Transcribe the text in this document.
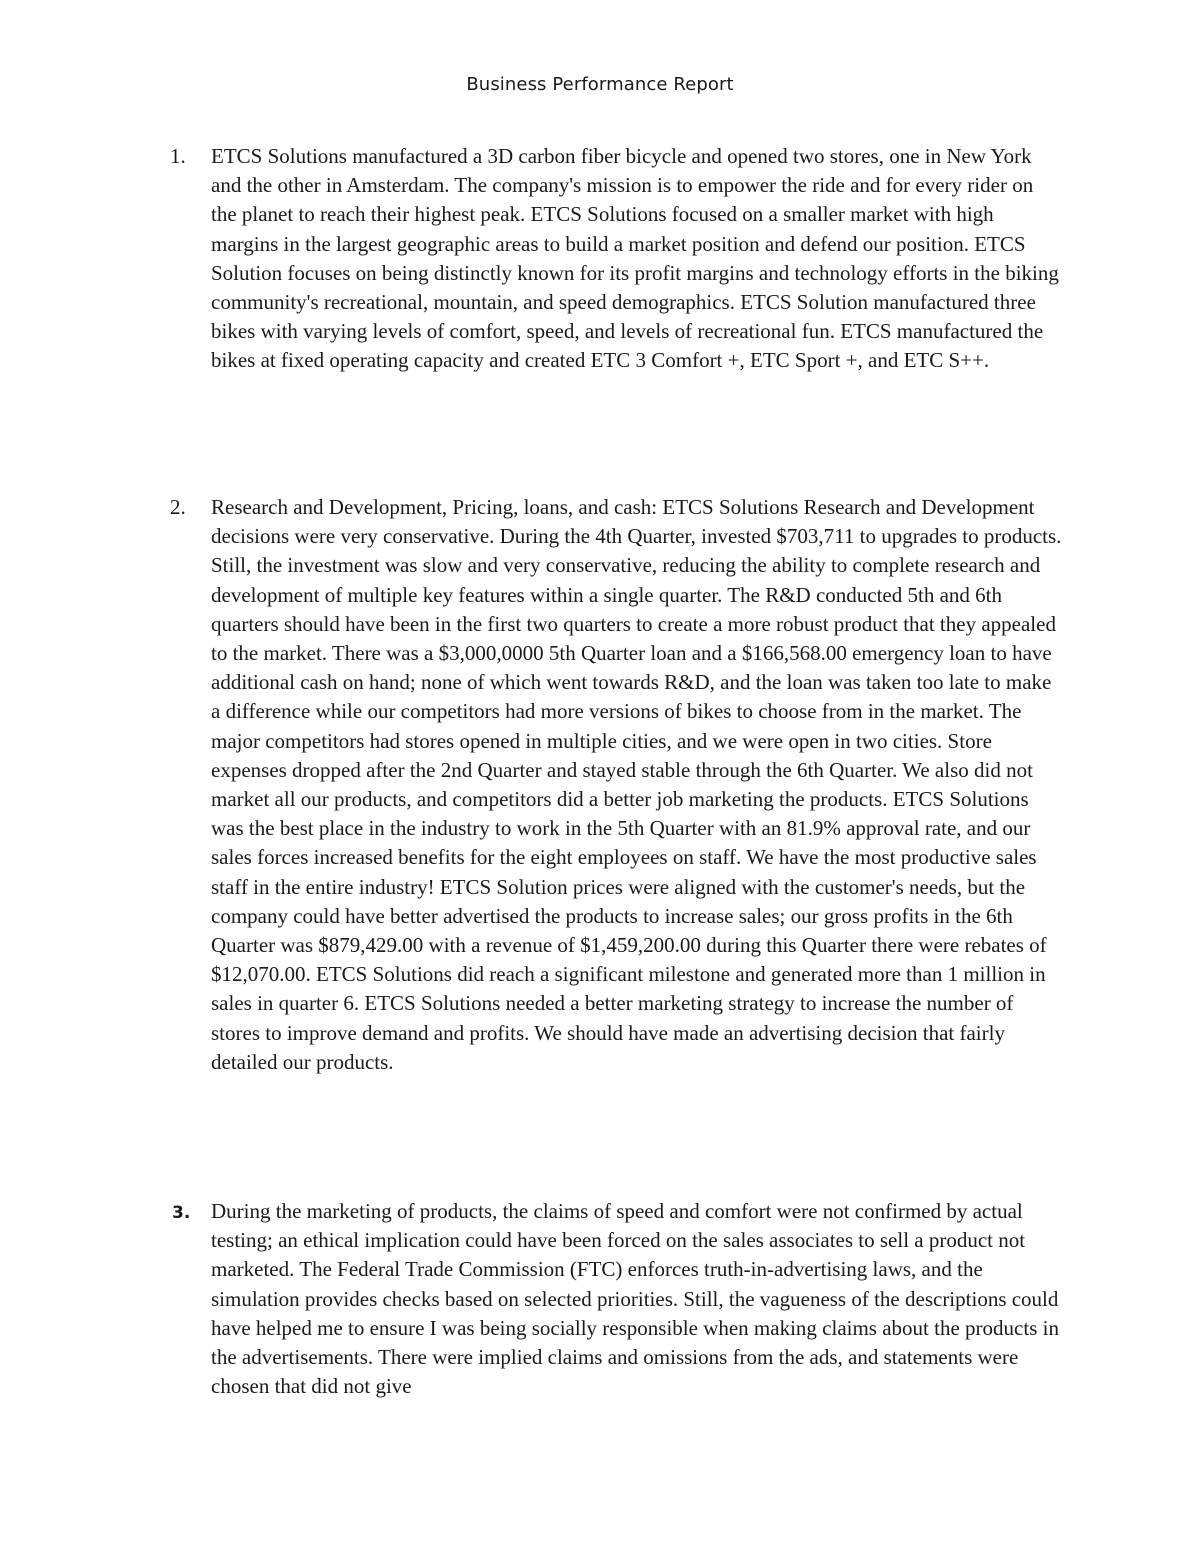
Business Performance Report
1. ETCS Solutions manufactured a 3D carbon fiber bicycle and opened two stores, one in New York and the other in Amsterdam. The company's mission is to empower the ride and for every rider on the planet to reach their highest peak. ETCS Solutions focused on a smaller market with high margins in the largest geographic areas to build a market position and defend our position. ETCS Solution focuses on being distinctly known for its profit margins and technology efforts in the biking community's recreational, mountain, and speed demographics. ETCS Solution manufactured three bikes with varying levels of comfort, speed, and levels of recreational fun. ETCS manufactured the bikes at fixed operating capacity and created ETC 3 Comfort +, ETC Sport +, and ETC S++.

2. Research and Development, Pricing, loans, and cash: ETCS Solutions Research and Development decisions were very conservative. During the 4th Quarter, invested $703,711 to upgrades to products. Still, the investment was slow and very conservative, reducing the ability to complete research and development of multiple key features within a single quarter. The R&D conducted 5th and 6th quarters should have been in the first two quarters to create a more robust product that they appealed to the market. There was a $3,000,0000 5th Quarter loan and a $166,568.00 emergency loan to have additional cash on hand; none of which went towards R&D, and the loan was taken too late to make a difference while our competitors had more versions of bikes to choose from in the market. The major competitors had stores opened in multiple cities, and we were open in two cities. Store expenses dropped after the 2nd Quarter and stayed stable through the 6th Quarter. We also did not market all our products, and competitors did a better job marketing the products. ETCS Solutions was the best place in the industry to work in the 5th Quarter with an 81.9% approval rate, and our sales forces increased benefits for the eight employees on staff. We have the most productive sales staff in the entire industry! ETCS Solution prices were aligned with the customer's needs, but the company could have better advertised the products to increase sales; our gross profits in the 6th Quarter was $879,429.00 with a revenue of $1,459,200.00 during this Quarter there were rebates of $12,070.00. ETCS Solutions did reach a significant milestone and generated more than 1 million in sales in quarter 6. ETCS Solutions needed a better marketing strategy to increase the number of stores to improve demand and profits. We should have made an advertising decision that fairly detailed our products.

3. During the marketing of products, the claims of speed and comfort were not confirmed by actual testing; an ethical implication could have been forced on the sales associates to sell a product not marketed. The Federal Trade Commission (FTC) enforces truth-in-advertising laws, and the simulation provides checks based on selected priorities. Still, the vagueness of the descriptions could have helped me to ensure I was being socially responsible when making claims about the products in the advertisements. There were implied claims and omissions from the ads, and statements were chosen that did not give
